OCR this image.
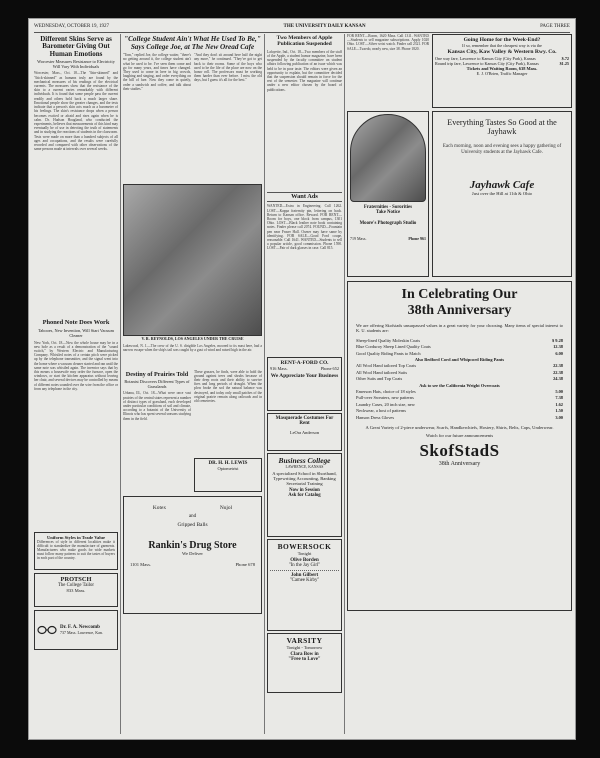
WEDNESDAY, OCTOBER 19, 1927	THE UNIVERSITY DAILY KANSAN	PAGE THREE
Different Skins Serve as Barometer Giving Out Human Emotions
Worcester Measures Resistance to Electricity Will Vary With Individuals
Worcester, Mass., Oct. 18—The "thin-skinned" and "thick-skinned" as humans truly are found by the mechanical measures of his readings of the electrical currents. The measures show that the resistance of the skin to a current varies remarkably with different individuals. It is found that some people pass the current readily and others hold back a much larger share. Emotional people show the greater changes, and the tests indicate that a person's skin acts much as a barometer of his feelings. The skin's resistance drops when a person becomes excited or afraid and rises again when he is calm. Dr. Hudson Hoagland, who conducted the experiments, believes that measurements of this kind may eventually be of use in detecting the truth of statements and in studying the reactions of students in the classroom. Tests were made on more than a hundred subjects of all ages and occupations, and the results were carefully recorded and compared with other observations of the same persons made at intervals over several weeks.
Phoned Note Does Work
Tabooes, New Invention, Will Start Vacuum Cleaner
New York, Oct. 18—Now the whole house may be in a new hole as a result of a demonstration of the "sound switch," by Western Electric and Manufacturing Company. Whistled notes of a certain pitch were picked up by the telephone transmitter, and the signal went into the home where a vacuum cleaner started and ran until the same note was whistled again. The inventor says that by this means a housewife may order the furnace, open the windows, or start the kitchen apparatus without leaving her chair, and several devices may be controlled by means of different notes sounded over the wire from the office or from any telephone in the city.
Uniform Styles in Trade Value
Differences of style in different localities make it difficult to standardize the manufacture of garments. Manufacturers who make goods for wide markets must follow many patterns to suit the tastes of buyers in each part of the country.
PROTSCH
The College Tailor
833 Mass.
Dr. F. A. Newcomb
737 Mass. Lawrence, Kan.
"College Student Ain't What He Used To Be," Says College Joe, at The New Oread Cafe
"Tom," replied Joe, the college waiter, "there's no getting around it, the college student ain't what he used to be. I've seen them come and go for many years, and times have changed. They used to come in here in big crowds, laughing and singing, and order everything on the bill of fare. Now they come in quietly, order a sandwich and coffee, and talk about their studies."
"And they don't sit around here half the night any more," he continued. "They've got to get back to their rooms. Some of the boys who used to be the life of the place are now on the honor roll. The professors must be working them harder than ever before. I miss the old days, but I guess it's all for the best."
V. R. REYNOLDS, LOS ANGELES UNDER THE CRUISE
Lakewood, N. J.—The crew of the U. S. dirigible Los Angeles, moored to its mast here, had a narrow escape when the ship's tail was caught by a gust of wind and raised high in the air.
Destiny of Prairies Told
Botanist Discovers Different Types of Grasslands
Urbana, Ill., Oct. 18—What were once vast prairies of the central states represent a number of distinct types of grassland, each developed under particular conditions of soil and climate, according to a botanist of the University of Illinois who has spent several seasons studying them in the field.
These grasses, he finds, were able to hold the ground against trees and shrubs because of their deep roots and their ability to survive fires and long periods of drought. When the plow broke the sod the natural balance was destroyed, and today only small patches of the original prairie remain along railroads and in old cemeteries.
DR. H. H. LEWIS
Optometrist
Kotex	Nujol
and
Gripped Balls
Rankin's Drug Store
We Deliver
1101 Mass.	Phone 678
Two Members of Apple Publication Suspended
Lafayette, Ind., Oct. 18—Two members of the staff of the Apple, a student humor magazine, have been suspended by the faculty committee on student affairs following publication of an issue which was held to be in poor taste. The editors were given an opportunity to explain, but the committee decided that the suspension should remain in force for the rest of the semester. The magazine will continue under a new editor chosen by the board of publications.
Want Ads
WANTED—Extra in Engineering. Call 1262. LOST—Kappa fraternity pin, lettering on back. Return to Kansan office. Reward. FOR RENT—Room for boys, one block from campus, 1301 Ohio. LOST—Black leather note book containing notes. Finder please call 2074. FOUND—Fountain pen near Fraser Hall. Owner may have same by identifying. FOR SALE—Good Ford coupe, reasonable. Call 1641. WANTED—Students to sell a popular article, good commission. Phone 1590. LOST—Pair of dark glasses in case. Call 815.
RENT-A-FORD CO.
916 Mass.	Phone 652
We Appreciate Your Business
Masquerade Costumes For Rent
LeOra Anderson
Business College
LAWRENCE, KANSAS
A specialized School in Shorthand, Typewriting Accounting, Banking Secretarial Training
Now in Session
Ask for Catalog
BOWERSOCK
Tonight
Olive Borden
"In the Jay Girl"
John Gilbert
"Camee Kirby"
VARSITY
Tonight - Tomorrow
Clara Bow in
"Free to Love"
FOR RENT—Room, 1620 Mass. Call 1311. WANTED—Students to sell magazine subscriptions. Apply 1020 Ohio. LOST—Silver wrist watch. Finder call 2321. FOR SALE—Tuxedo, nearly new, size 38. Phone 1820.
Going Home for the Week-End?
If so, remember that the cheapest way is via the
Kansas City, Kaw Valley & Western Rwy. Co.
One way fare, Lawrence to Kansas City (City Park), Kansas	$.72
Round trip fare, Lawrence to Kansas City (City Park), Kansas	$1.25
Tickets and Waiting Room, 638 Mass.
E. J. O'Brien, Traffic Manager
Fraternities - Sororities
Take Notice
Moore's Photograph Studio
719 Mass.	Phone 961
Everything Tastes So Good at the Jayhawk
Each morning, noon and evening sees a happy gathering of University students at the Jayhawk Cafe.
Jayhawk Cafe
Just over the Hill at 11th & Ohio
In Celebrating Our
38th Anniversary
We are offering Skofstads unsurpassed values in a great variety for your choosing. Many items of special interest to K. U. students are:
Sheep-lined Quality Moleskin Coats	$ 9.28
Blue Corduroy Sheep Lined Quality Coats	12.38
Good Quality Riding Pants to Match	6.00
Also Bedford Cord and Whipcord Riding Pants
All Wool Hand tailored Top Coats	22.38
All Wool Hand tailored Suits	22.38
Other Suits and Top Coats	24.38
Ask to see the California Weight Overcoats
Emerson Hats, choice of 18 styles	5.00
Pull-over Sweaters, new patterns	7.38
Laundry Cases, 20 inch size, new	1.62
Neckwear, a host of patterns	1.50
Hanson Dress Gloves	3.00
A Great Variety of 2-piece underwear, Scarfs, Handkerchiefs, Hosiery, Shirts, Belts, Caps, Underwear.
Watch for our future announcements
SkofStadS
38th Anniversary
